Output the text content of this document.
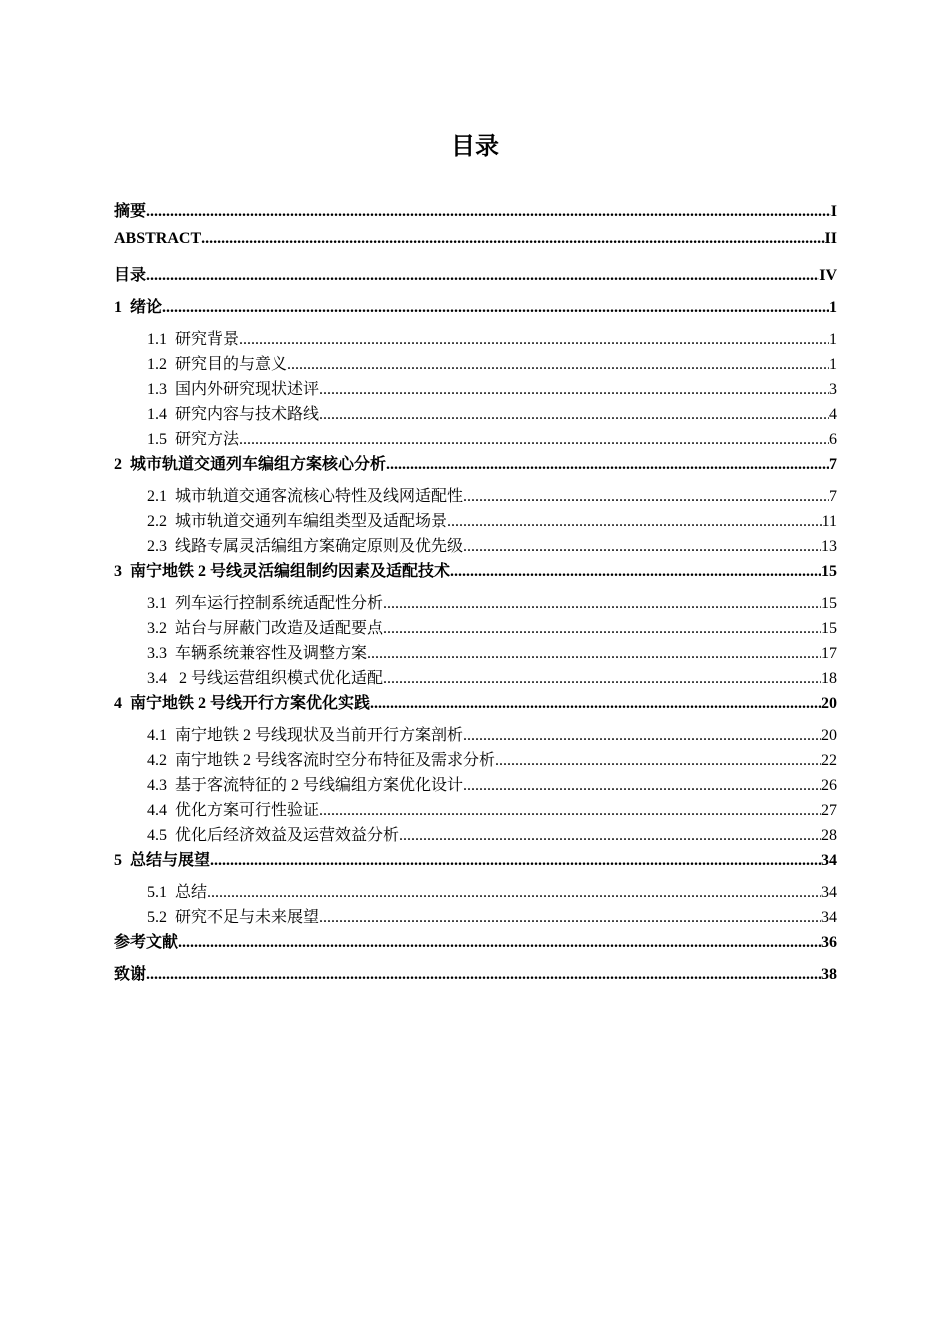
目录
摘要 .....	I
ABSTRACT .....	II
目录 .....	IV
1 绪论 .....	1
1.1 研究背景 .....	1
1.2 研究目的与意义 .....	1
1.3 国内外研究现状述评 .....	3
1.4 研究内容与技术路线 .....	4
1.5 研究方法 .....	6
2 城市轨道交通列车编组方案核心分析 .....	7
2.1 城市轨道交通客流核心特性及线网适配性 .....	7
2.2 城市轨道交通列车编组类型及适配场景 .....	11
2.3 线路专属灵活编组方案确定原则及优先级 .....	13
3 南宁地铁 2 号线灵活编组制约因素及适配技术 .....	15
3.1 列车运行控制系统适配性分析 .....	15
3.2 站台与屏蔽门改造及适配要点 .....	15
3.3 车辆系统兼容性及调整方案 .....	17
3.4 2 号线运营组织模式优化适配 .....	18
4 南宁地铁 2 号线开行方案优化实践 .....	20
4.1 南宁地铁 2 号线现状及当前开行方案剖析 .....	20
4.2 南宁地铁 2 号线客流时空分布特征及需求分析 .....	22
4.3 基于客流特征的 2 号线编组方案优化设计 .....	26
4.4 优化方案可行性验证 .....	27
4.5 优化后经济效益及运营效益分析 .....	28
5 总结与展望 .....	34
5.1 总结 .....	34
5.2 研究不足与未来展望 .....	34
参考文献 .....	36
致谢 .....	38
